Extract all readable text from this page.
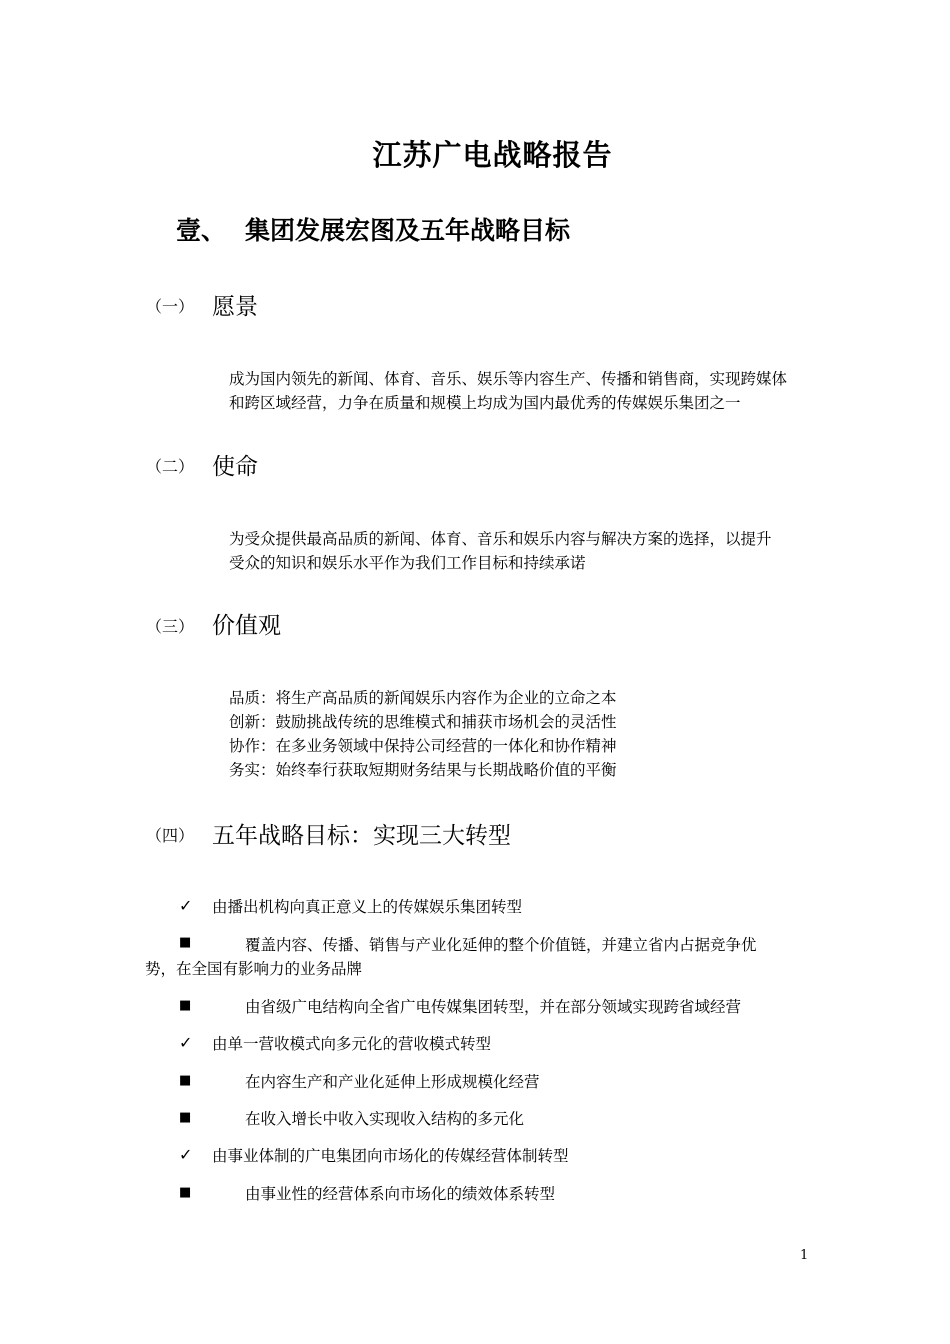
江苏广电战略报告
壹、 集团发展宏图及五年战略目标
（一） 愿景
成为国内领先的新闻、体育、音乐、娱乐等内容生产、传播和销售商，实现跨媒体
和跨区域经营，力争在质量和规模上均成为国内最优秀的传媒娱乐集团之一
（二） 使命
为受众提供最高品质的新闻、体育、音乐和娱乐内容与解决方案的选择，以提升
受众的知识和娱乐水平作为我们工作目标和持续承诺
（三） 价值观
品质：将生产高品质的新闻娱乐内容作为企业的立命之本
创新：鼓励挑战传统的思维模式和捕获市场机会的灵活性
协作：在多业务领域中保持公司经营的一体化和协作精神
务实：始终奉行获取短期财务结果与长期战略价值的平衡
（四） 五年战略目标：实现三大转型
✓ 由播出机构向真正意义上的传媒娱乐集团转型
■	覆盖内容、传播、销售与产业化延伸的整个价值链，并建立省内占据竞争优
势，在全国有影响力的业务品牌
■	由省级广电结构向全省广电传媒集团转型，并在部分领域实现跨省域经营
✓ 由单一营收模式向多元化的营收模式转型
■	在内容生产和产业化延伸上形成规模化经营
■	在收入增长中收入实现收入结构的多元化
✓ 由事业体制的广电集团向市场化的传媒经营体制转型
■	由事业性的经营体系向市场化的绩效体系转型
1
